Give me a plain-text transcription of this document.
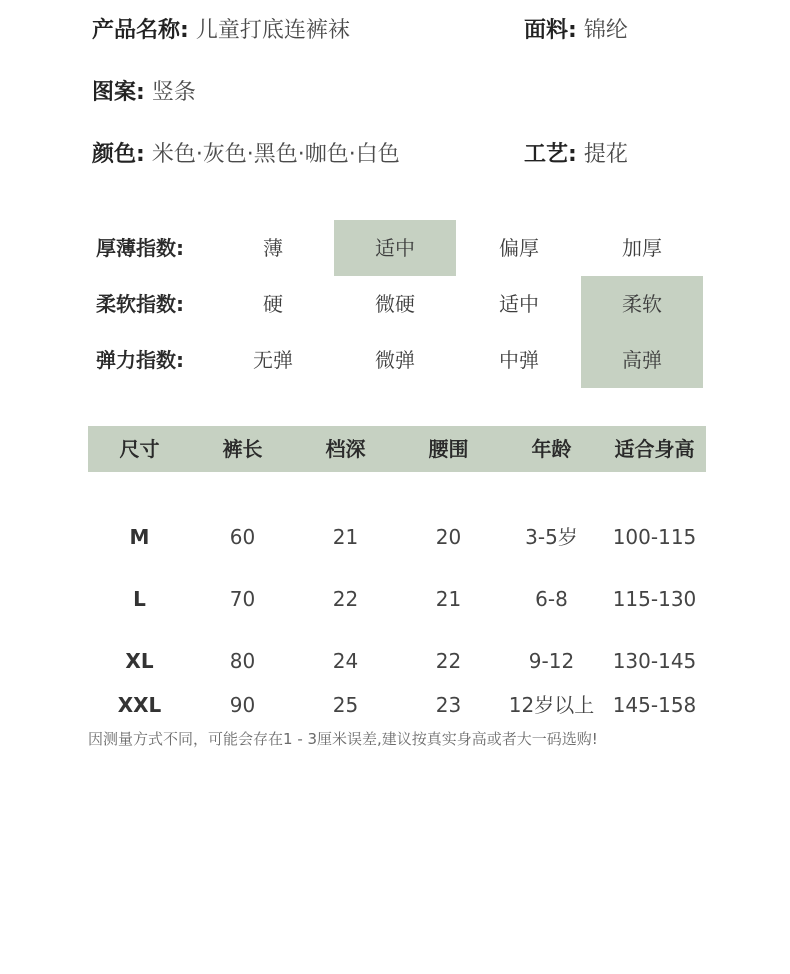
产品名称: 儿童打底连裤袜	面料: 锦纶
图案: 竖条
颜色: 米色·灰色·黑色·咖色·白色	工艺: 提花
厚薄指数:	薄	适中	偏厚	加厚
柔软指数:	硬	微硬	适中	柔软
弹力指数:	无弹	微弹	中弹	高弹
尺寸	裤长	档深	腰围	年龄	适合身高
M	60	21	20	3-5岁	100-115
L	70	22	21	6-8	115-130
XL	80	24	22	9-12	130-145
XXL	90	25	23	12岁以上 145-158
因测量方式不同，可能会存在1 - 3厘米误差,建议按真实身高或者大一码选购!
